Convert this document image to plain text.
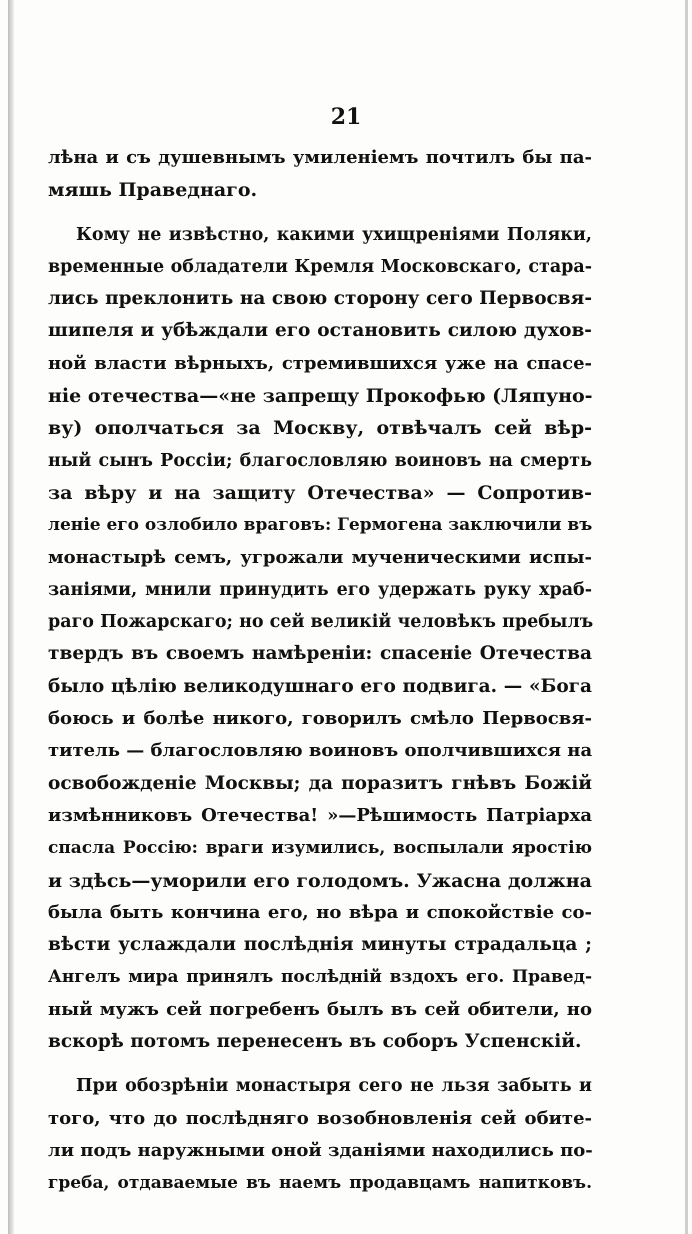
21
лѣна и съ душевнымъ умиленіемъ почтилъ бы па-
мяшь Праведнаго.
Кому не извѣстно, какими ухищреніями Поляки,
временные обладатели Кремля Московскаго, стара-
лись преклонить на свою сторону сего Первосвя-
шипеля и убѣждали его остановить силою духов-
ной власти вѣрныхъ, стремившихся уже на спасе-
ніе отечества—«не запрещу Прокофью (Ляпуно-
ву) ополчаться за Москву, отвѣчалъ сей вѣр-
ный сынъ Россіи; благословляю воиновъ на смерть
за вѣру и на защиту Отечества» — Сопротив-
леніе его озлобило враговъ: Гермогена заключили въ
монастырѣ семъ, угрожали мученическими испы-
заніями, мнили принудить его удержать руку храб-
раго Пожарскаго; но сей великій человѣкъ пребылъ
твердъ въ своемъ намѣреніи: спасеніе Отечества
было цѣлію великодушнаго его подвига. — «Бога
боюсь и болѣе никого, говорилъ смѣло Первосвя-
титель — благословляю воиновъ ополчившихся на
освобожденіе Москвы; да поразитъ гнѣвъ Божій
измѣнниковъ Отечества! »—Рѣшимость Патріарха
спасла Россію: враги изумились, воспылали яростію
и здѣсь—уморили его голодомъ. Ужасна должна
была быть кончина его, но вѣра и спокойствіе со-
вѣсти услаждали послѣднія минуты страдальца ;
Ангелъ мира принялъ послѣдній вздохъ его. Правед-
ный мужъ сей погребенъ былъ въ сей обители, но
вскорѣ потомъ перенесенъ въ соборъ Успенскій.
При обозрѣніи монастыря сего не льзя забыть и
того, что до послѣдняго возобновленія сей обите-
ли подъ наружными оной зданіями находились по-
греба, отдаваемые въ наемъ продавцамъ напитковъ.
